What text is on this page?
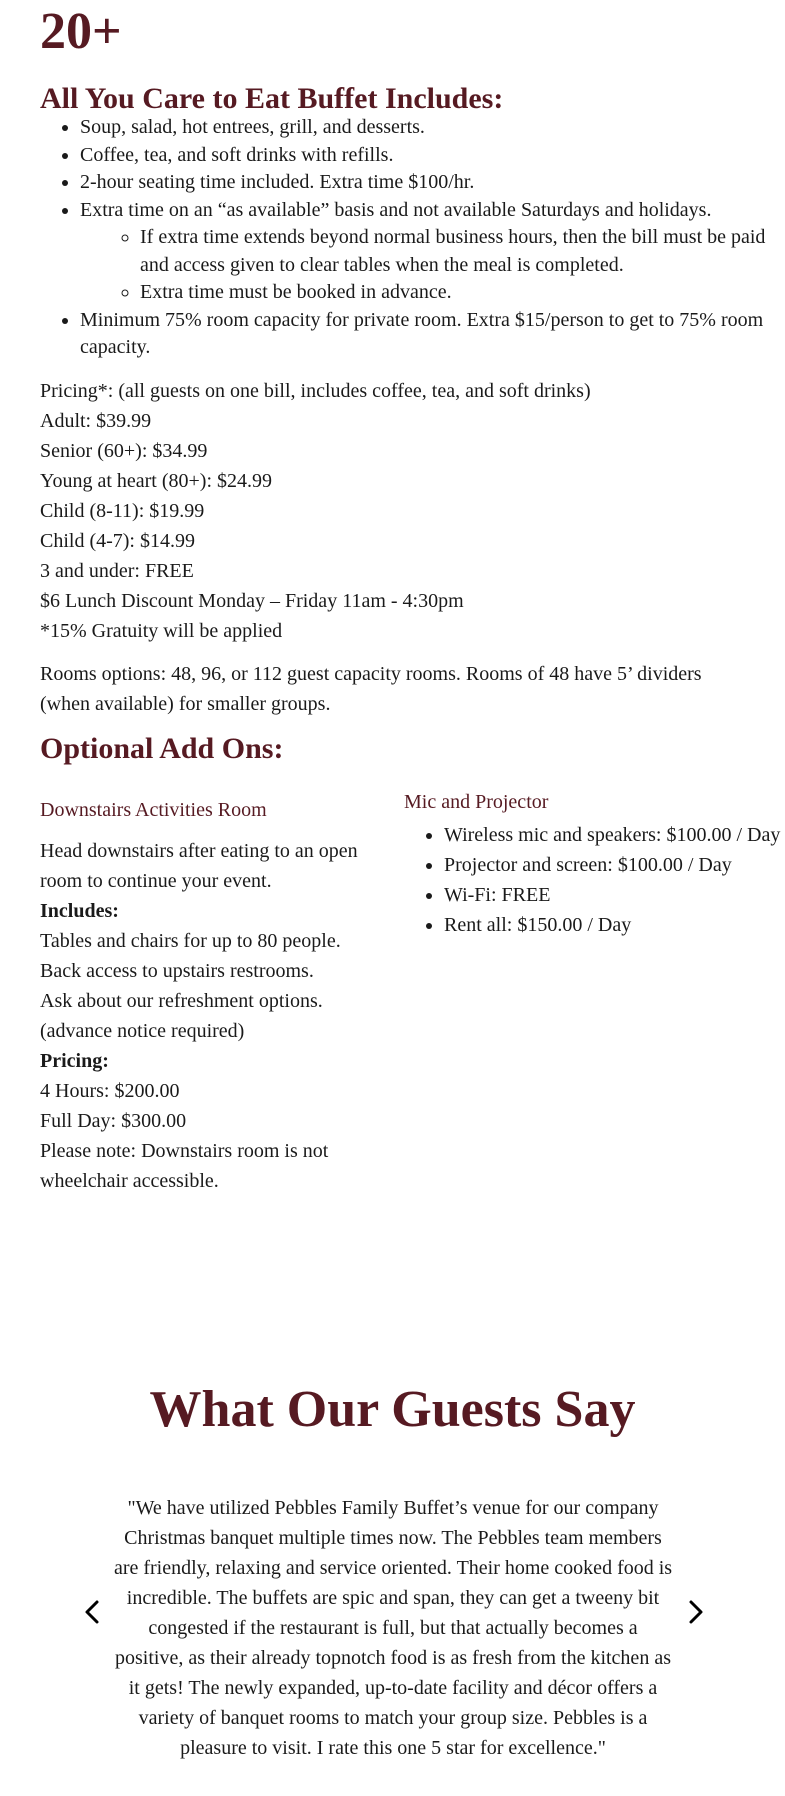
20+
All You Care to Eat Buffet Includes:
• Soup, salad, hot entrees, grill, and desserts.
• Coffee, tea, and soft drinks with refills.
• 2-hour seating time included. Extra time $100/hr.
• Extra time on an “as available” basis and not available Saturdays and holidays.
◦ If extra time extends beyond normal business hours, then the bill must be paid and access given to clear tables when the meal is completed.
◦ Extra time must be booked in advance.
• Minimum 75% room capacity for private room. Extra $15/person to get to 75% room capacity.
Pricing*: (all guests on one bill, includes coffee, tea, and soft drinks)
Adult: $39.99
Senior (60+): $34.99
Young at heart (80+): $24.99
Child (8-11): $19.99
Child (4-7): $14.99
3 and under: FREE
$6 Lunch Discount Monday – Friday 11am - 4:30pm
*15% Gratuity will be applied

Rooms options: 48, 96, or 112 guest capacity rooms. Rooms of 48 have 5’ dividers (when available) for smaller groups.

Optional Add Ons:
Downstairs Activities Room
Head downstairs after eating to an open room to continue your event.
Includes:
Tables and chairs for up to 80 people.
Back access to upstairs restrooms.
Ask about our refreshment options.
(advance notice required)
Pricing:
4 Hours: $200.00
Full Day: $300.00
Please note: Downstairs room is not wheelchair accessible.
Mic and Projector
• Wireless mic and speakers: $100.00 / Day
• Projector and screen: $100.00 / Day
• Wi-Fi: FREE
• Rent all: $150.00 / Day
What Our Guests Say

"We have utilized Pebbles Family Buffet’s venue for our company Christmas banquet multiple times now. The Pebbles team members are friendly, relaxing and service oriented. Their home cooked food is incredible. The buffets are spic and span, they can get a tweeny bit congested if the restaurant is full, but that actually becomes a positive, as their already topnotch food is as fresh from the kitchen as it gets! The newly expanded, up-to-date facility and décor offers a variety of banquet rooms to match your group size. Pebbles is a pleasure to visit. I rate this one 5 star for excellence."
